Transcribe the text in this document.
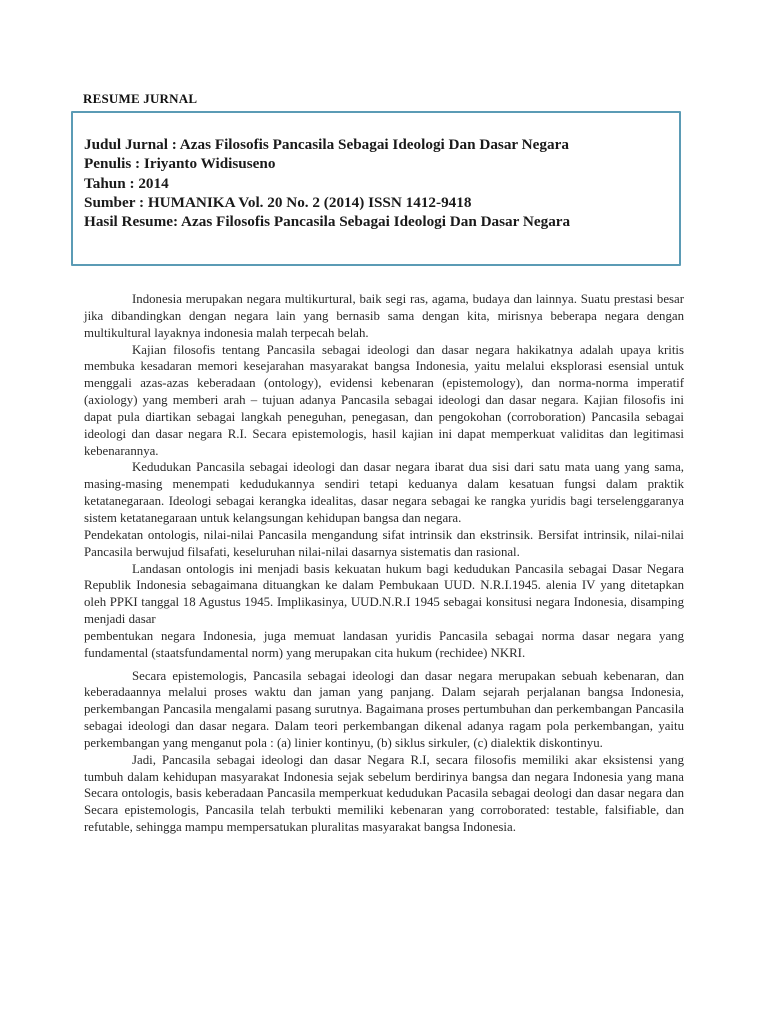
RESUME JURNAL
Judul Jurnal : Azas Filosofis Pancasila Sebagai Ideologi Dan Dasar Negara
Penulis : Iriyanto Widisuseno
Tahun : 2014
Sumber : HUMANIKA Vol. 20 No. 2 (2014) ISSN 1412-9418
Hasil Resume: Azas Filosofis Pancasila Sebagai Ideologi Dan Dasar Negara

Indonesia merupakan negara multikurtural, baik segi ras, agama, budaya dan lainnya. Suatu prestasi besar jika dibandingkan dengan negara lain yang bernasib sama dengan kita, mirisnya beberapa negara dengan multikultural layaknya indonesia malah terpecah belah.

Kajian filosofis tentang Pancasila sebagai ideologi dan dasar negara hakikatnya adalah upaya kritis membuka kesadaran memori kesejarahan masyarakat bangsa Indonesia, yaitu melalui eksplorasi esensial untuk menggali azas-azas keberadaan (ontology), evidensi kebenaran (epistemology), dan norma-norma imperatif (axiology) yang memberi arah – tujuan adanya Pancasila sebagai ideologi dan dasar negara. Kajian filosofis ini dapat pula diartikan sebagai langkah peneguhan, penegasan, dan pengokohan (corroboration) Pancasila sebagai ideologi dan dasar negara R.I. Secara epistemologis, hasil kajian ini dapat memperkuat validitas dan legitimasi kebenarannya.

Kedudukan Pancasila sebagai ideologi dan dasar negara ibarat dua sisi dari satu mata uang yang sama, masing-masing menempati kedudukannya sendiri tetapi keduanya dalam kesatuan fungsi dalam praktik ketatanegaraan. Ideologi sebagai kerangka idealitas, dasar negara sebagai ke rangka yuridis bagi terselenggaranya sistem ketatanegaraan untuk kelangsungan kehidupan bangsa dan negara.

Pendekatan ontologis, nilai-nilai Pancasila mengandung sifat intrinsik dan ekstrinsik. Bersifat intrinsik, nilai-nilai Pancasila berwujud filsafati, keseluruhan nilai-nilai dasarnya sistematis dan rasional.

Landasan ontologis ini menjadi basis kekuatan hukum bagi kedudukan Pancasila sebagai Dasar Negara Republik Indonesia sebagaimana dituangkan ke dalam Pembukaan UUD. N.R.I.1945. alenia IV yang ditetapkan oleh PPKI tanggal 18 Agustus 1945. Implikasinya, UUD.N.R.I 1945 sebagai konsitusi negara Indonesia, disamping menjadi dasar

pembentukan negara Indonesia, juga memuat landasan yuridis Pancasila sebagai norma dasar negara yang fundamental (staatsfundamental norm) yang merupakan cita hukum (rechidee) NKRI.

Secara epistemologis, Pancasila sebagai ideologi dan dasar negara merupakan sebuah kebenaran, dan keberadaannya melalui proses waktu dan jaman yang panjang. Dalam sejarah perjalanan bangsa Indonesia, perkembangan Pancasila mengalami pasang surutnya. Bagaimana proses pertumbuhan dan perkembangan Pancasila sebagai ideologi dan dasar negara. Dalam teori perkembangan dikenal adanya ragam pola perkembangan, yaitu perkembangan yang menganut pola : (a) linier kontinyu, (b) siklus sirkuler, (c) dialektik diskontinyu.

Jadi, Pancasila sebagai ideologi dan dasar Negara R.I, secara filosofis memiliki akar eksistensi yang tumbuh dalam kehidupan masyarakat Indonesia sejak sebelum berdirinya bangsa dan negara Indonesia yang mana Secara ontologis, basis keberadaan Pancasila memperkuat kedudukan Pacasila sebagai deologi dan dasar negara dan Secara epistemologis, Pancasila telah terbukti memiliki kebenaran yang corroborated: testable, falsifiable, dan refutable, sehingga mampu mempersatukan pluralitas masyarakat bangsa Indonesia.
